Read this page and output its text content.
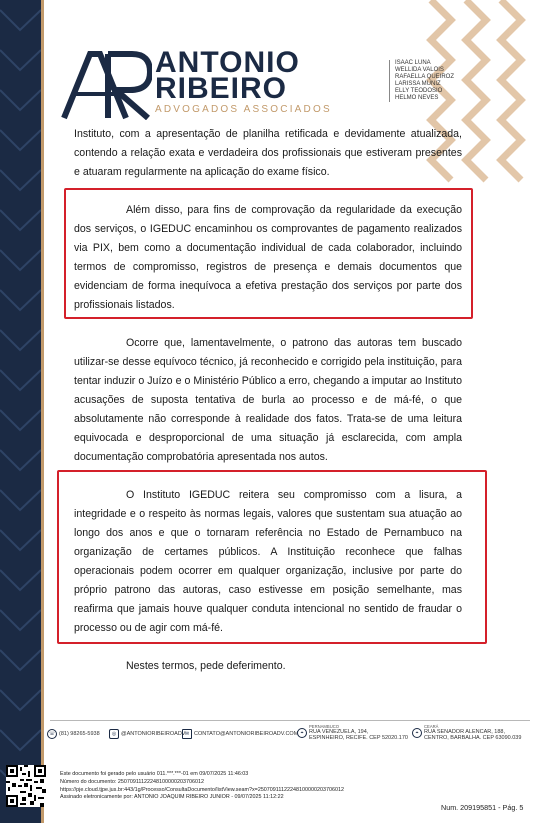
ANTONIO
RIBEIRO
ADVOGADOS ASSOCIADOS
ISAAC LUNA
WELLIDA VALOIS
RAFAELLA QUEIROZ
LARISSA MUNIZ
ELLY TEODOSIO
HELMO NEVES

Instituto, com a apresentação de planilha retificada e devidamente atualizada, contendo a relação exata e verdadeira dos profissionais que estiveram presentes e atuaram regularmente na aplicação do exame físico.

Além disso, para fins de comprovação da regularidade da execução dos serviços, o IGEDUC encaminhou os comprovantes de pagamento realizados via PIX, bem como a documentação individual de cada colaborador, incluindo termos de compromisso, registros de presença e demais documentos que evidenciam de forma inequívoca a efetiva prestação dos serviços por parte dos profissionais listados.

Ocorre que, lamentavelmente, o patrono das autoras tem buscado utilizar-se desse equívoco técnico, já reconhecido e corrigido pela instituição, para tentar induzir o Juízo e o Ministério Público a erro, chegando a imputar ao Instituto acusações de suposta tentativa de burla ao processo e de má-fé, o que absolutamente não corresponde à realidade dos fatos. Trata-se de uma leitura equivocada e desproporcional de uma situação já esclarecida, com ampla documentação comprobatória apresentada nos autos.

O Instituto IGEDUC reitera seu compromisso com a lisura, a integridade e o respeito às normas legais, valores que sustentam sua atuação ao longo dos anos e que o tornaram referência no Estado de Pernambuco na organização de certames públicos. A Instituição reconhece que falhas operacionais podem ocorrer em qualquer organização, inclusive por parte do próprio patrono das autoras, caso estivesse em posição semelhante, mas reafirma que jamais houve qualquer conduta intencional no sentido de fraudar o processo ou de agir com má-fé.

Nestes termos, pede deferimento.

☏ (81) 98265-5938	◎ @ANTONIORIBEIROADV ✉ CONTATO@ANTONIORIBEIROADV.COM ⌖
PERNAMBUCO
RUA VENEZUELA, 194,
ESPINHEIRO, RECIFE. CEP 52020.170
⌖
CEARÁ
RUA SENADOR ALENCAR, 188,
CENTRO, BARBALHA. CEP 63090.039
Este documento foi gerado pelo usuário 011.***.***-01 em 09/07/2025 11:46:03
Número do documento: 25070911122248100000203706012
https://pje.cloud.tjpe.jus.br:443/1g/Processo/ConsultaDocumento/listView.seam?x=25070911122248100000203706012
Assinado eletronicamente por: ANTONIO JOAQUIM RIBEIRO JUNIOR - 09/07/2025 11:12:22
Num. 209195851 - Pág. 5
